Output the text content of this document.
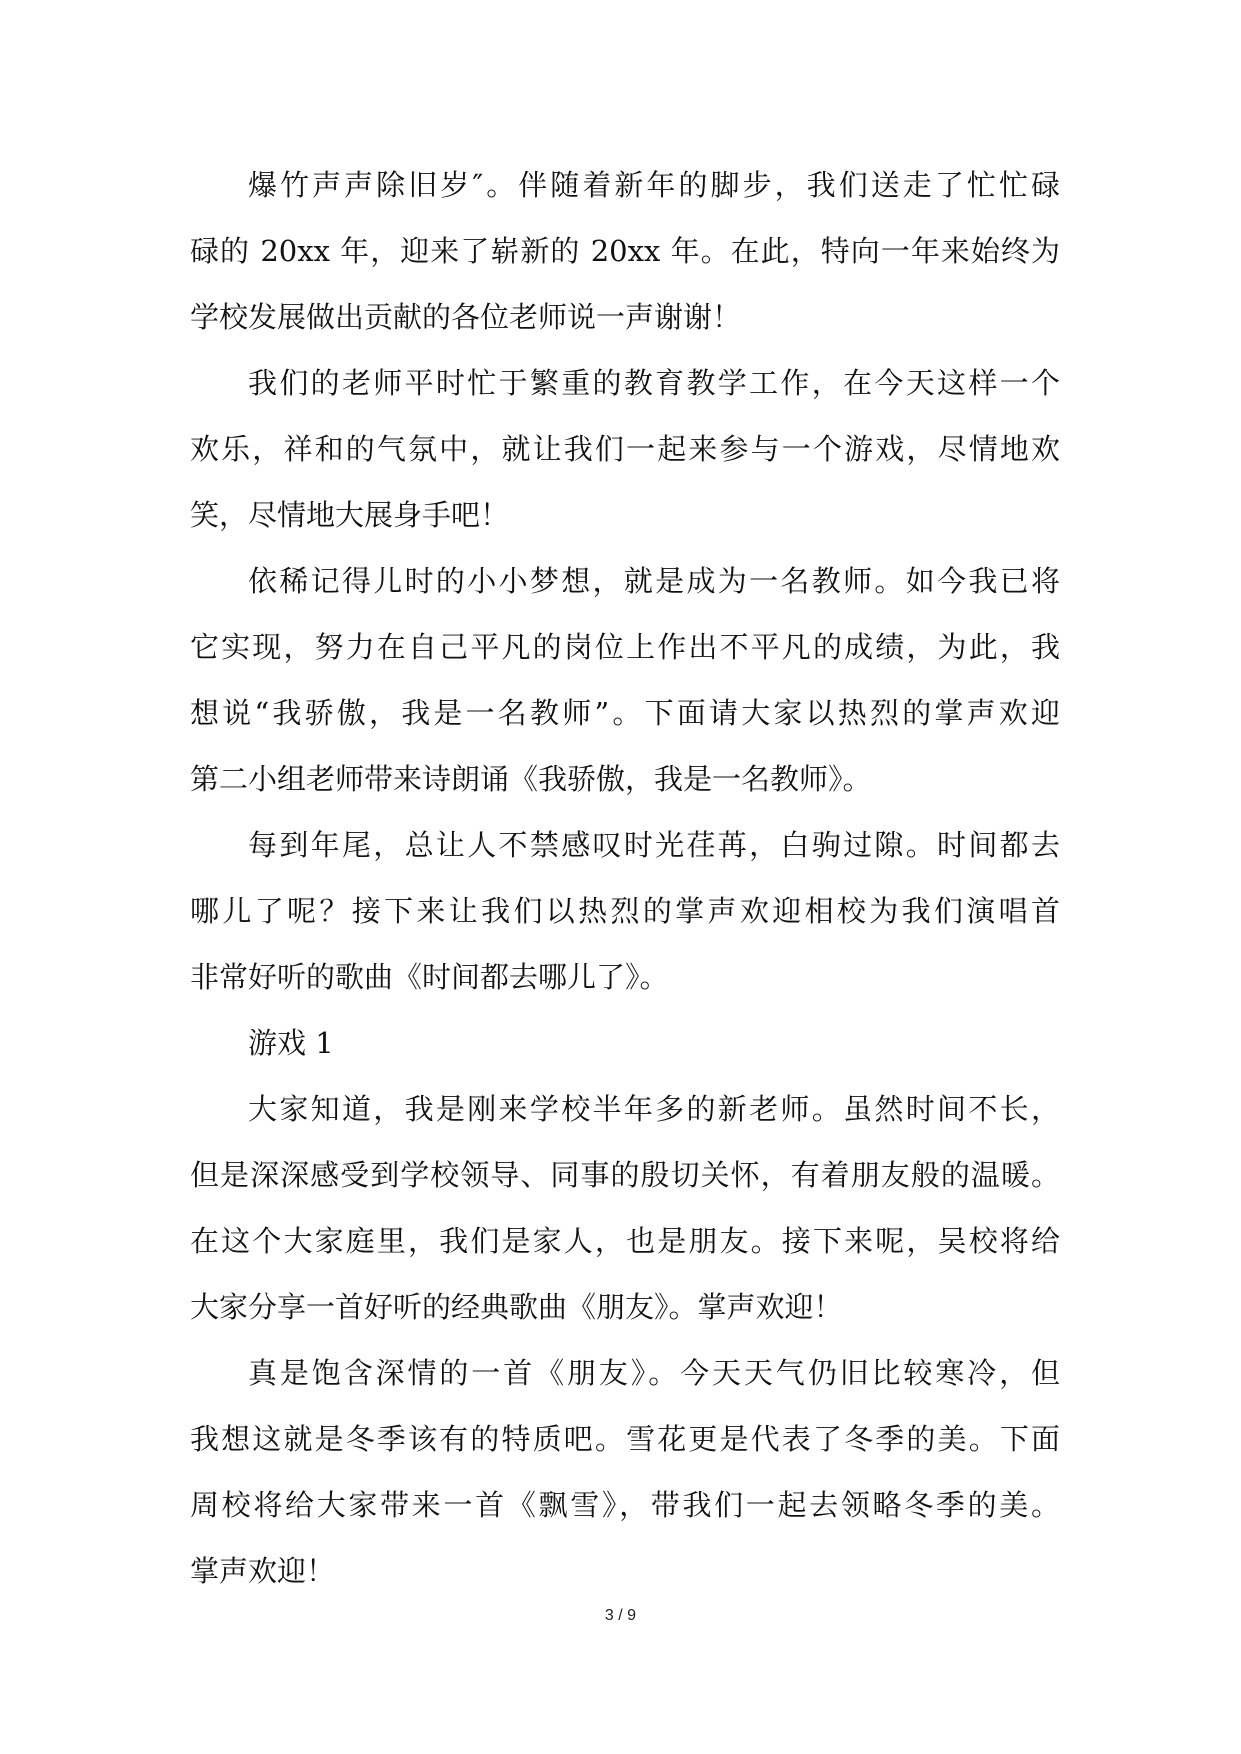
爆竹声声除旧岁″。伴随着新年的脚步，我们送走了忙忙碌
碌的 20xx 年，迎来了崭新的 20xx 年。在此，特向一年来始终为
学校发展做出贡献的各位老师说一声谢谢！
我们的老师平时忙于繁重的教育教学工作，在今天这样一个
欢乐，祥和的气氛中，就让我们一起来参与一个游戏，尽情地欢
笑，尽情地大展身手吧！
依稀记得儿时的小小梦想，就是成为一名教师。如今我已将
它实现，努力在自己平凡的岗位上作出不平凡的成绩，为此，我
想说“我骄傲，我是一名教师”。下面请大家以热烈的掌声欢迎
第二小组老师带来诗朗诵《我骄傲，我是一名教师》。
每到年尾，总让人不禁感叹时光荏苒，白驹过隙。时间都去
哪儿了呢？接下来让我们以热烈的掌声欢迎相校为我们演唱首
非常好听的歌曲《时间都去哪儿了》。
游戏 1
大家知道，我是刚来学校半年多的新老师。虽然时间不长，
但是深深感受到学校领导、同事的殷切关怀，有着朋友般的温暖。
在这个大家庭里，我们是家人，也是朋友。接下来呢，吴校将给
大家分享一首好听的经典歌曲《朋友》。掌声欢迎！
真是饱含深情的一首《朋友》。今天天气仍旧比较寒冷，但
我想这就是冬季该有的特质吧。雪花更是代表了冬季的美。下面
周校将给大家带来一首《飘雪》，带我们一起去领略冬季的美。
掌声欢迎！
3 / 9
